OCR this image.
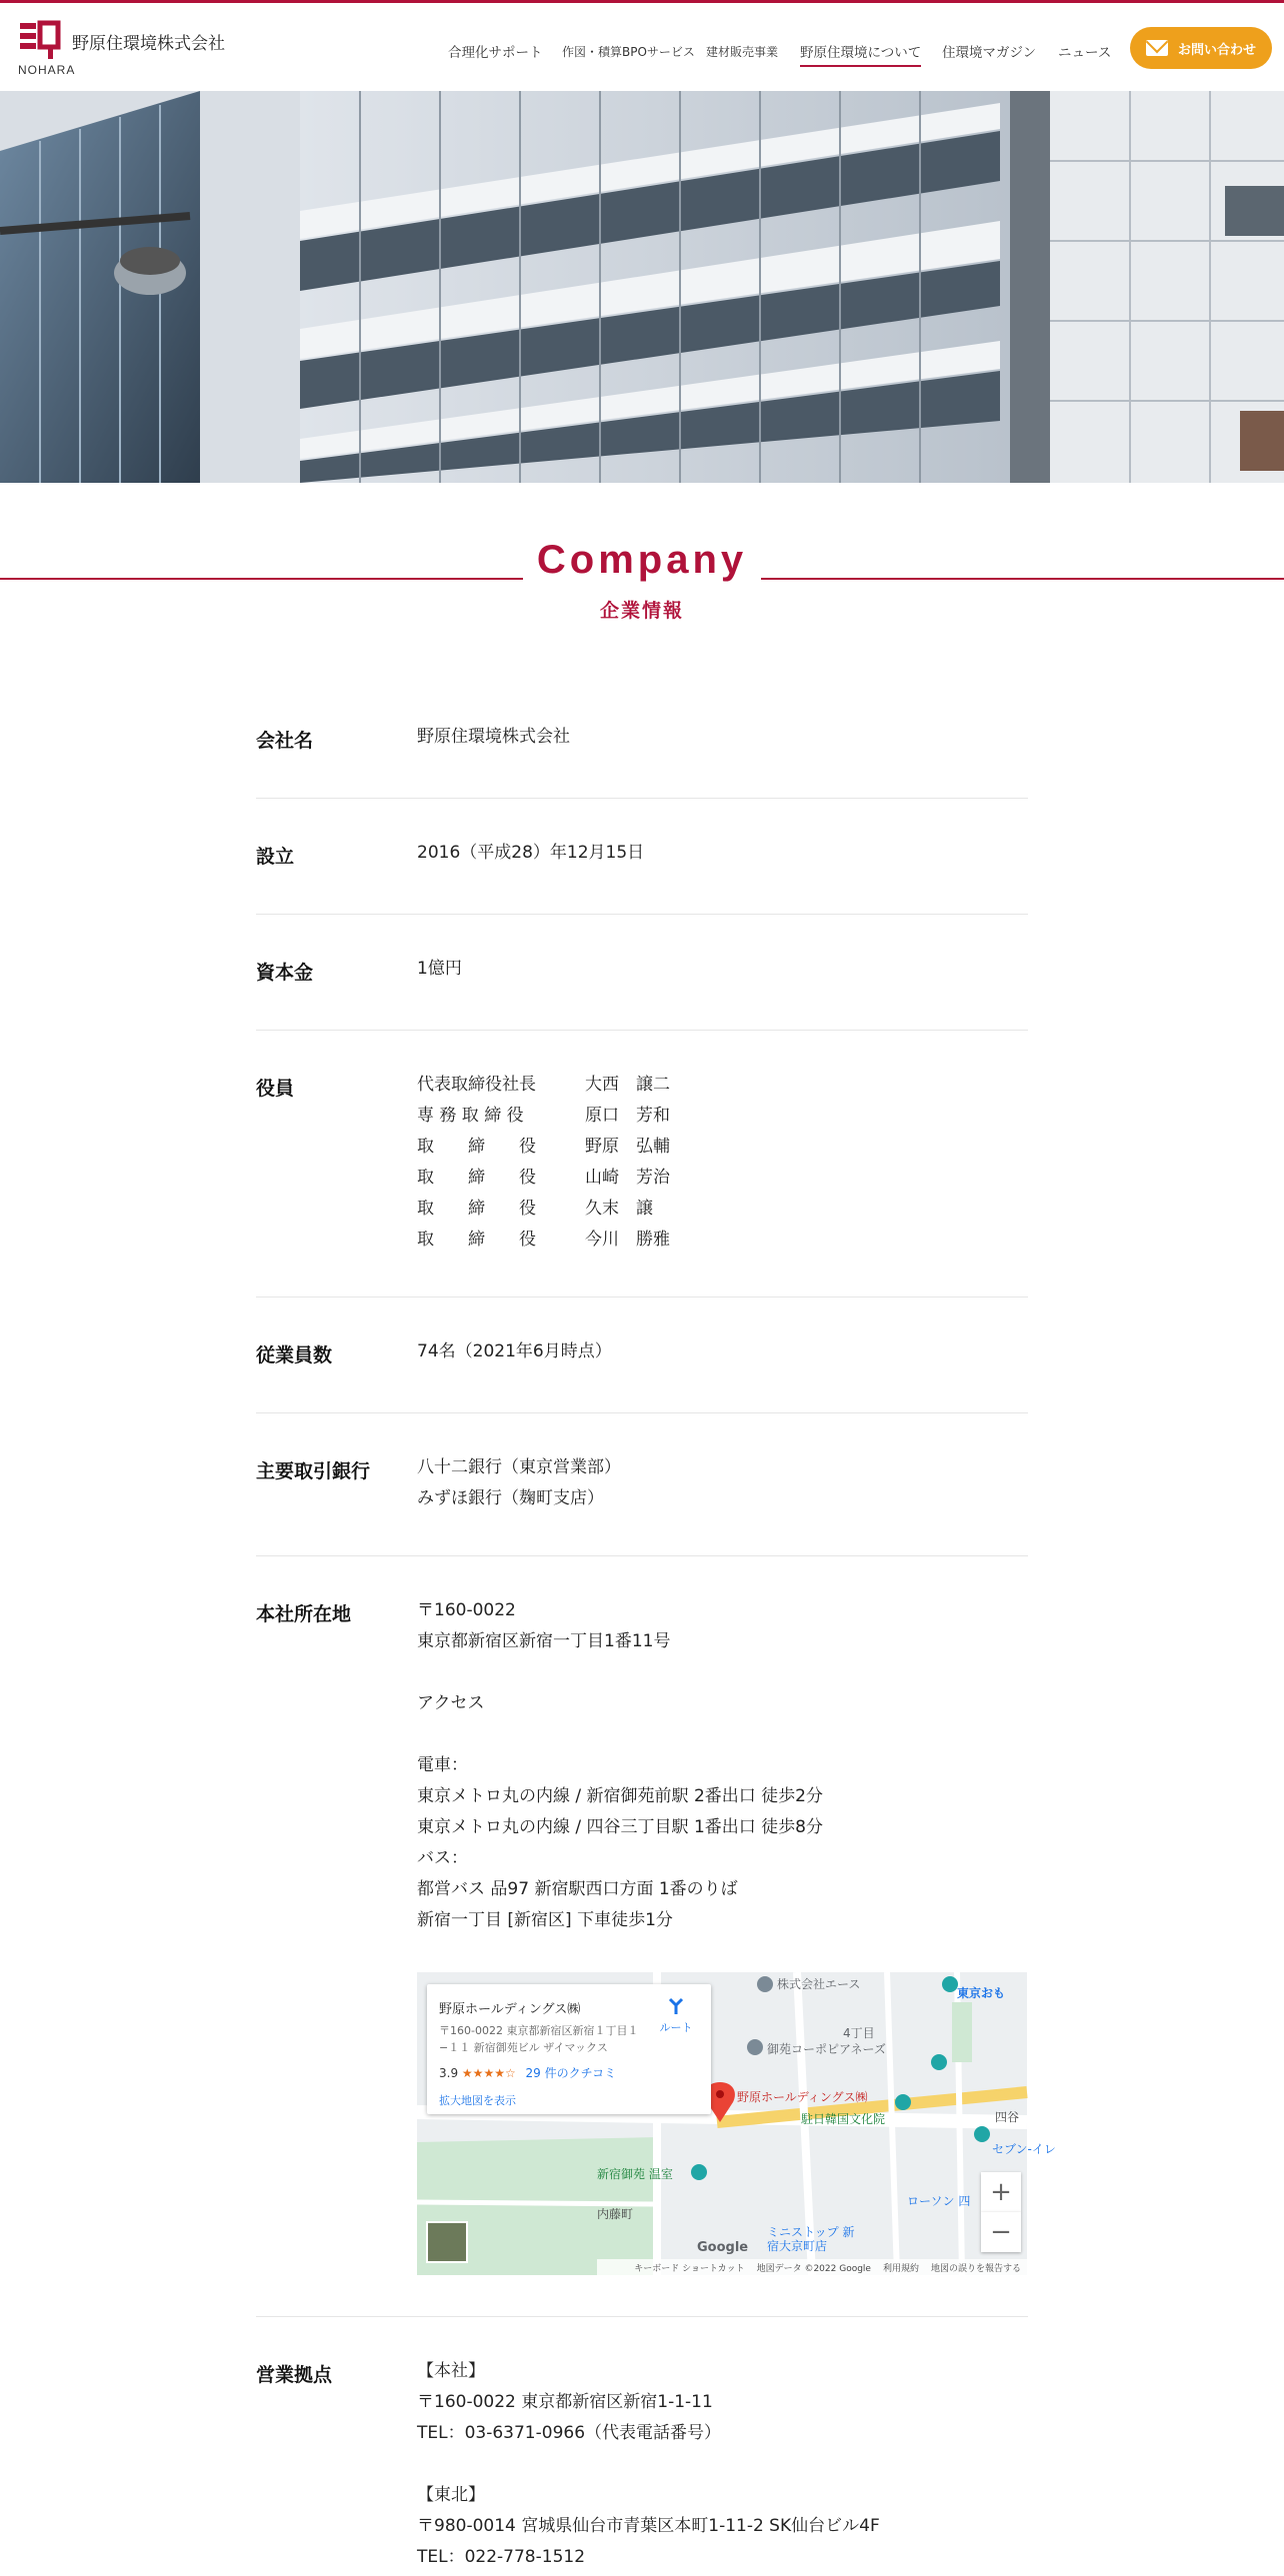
野原住環境株式会社
NOHARA
合理化サポート 作図・積算BPOサービス 建材販売事業 野原住環境について 住環境マガジン ニュース	お問い合わせ
Company
企業情報
会社名	野原住環境株式会社
設立	2016（平成28）年12月15日
資本金	1億円
役員	代表取締役社長	大西　譲二
専 務 取 締 役	原口　芳和
取　　締　　役	野原　弘輔
取　　締　　役	山崎　芳治
取　　締　　役	久末　譲
取　　締　　役	今川　勝雅
従業員数	74名（2021年6月時点）
主要取引銀行	八十二銀行（東京営業部）
みずほ銀行（麹町支店）
本社所在地	〒160-0022
東京都新宿区新宿一丁目1番11号
アクセス
電車：
東京メトロ丸の内線 / 新宿御苑前駅 2番出口 徒歩2分
東京メトロ丸の内線 / 四谷三丁目駅 1番出口 徒歩8分
バス：
都営バス 品97 新宿駅西口方面 1番のりば
新宿一丁目 [新宿区] 下車徒歩1分
株式会社エース
御苑コーポピアネーズ
4丁目
野原ホールディングス㈱
駐日韓国文化院
新宿御苑 温室
内藤町
ミニストップ 新宿大京町店
ローソン 四
セブン-イレ
東京おも
四谷
野原ホールディングス㈱
〒160-0022 東京都新宿区新宿１丁目１−１１ 新宿御苑ビル ザイマックス
3.9 ★★★★☆ 29 件のクチコミ
拡大地図を表示
ルート
+
−
Google
キーボード ショートカット 地図データ ©2022 Google 利用規約 地図の誤りを報告する
営業拠点	【本社】
〒160-0022 東京都新宿区新宿1-1-11
TEL：03-6371-0966（代表電話番号）
【東北】
〒980-0014 宮城県仙台市青葉区本町1-11-2 SK仙台ビル4F
TEL：022-778-1512
